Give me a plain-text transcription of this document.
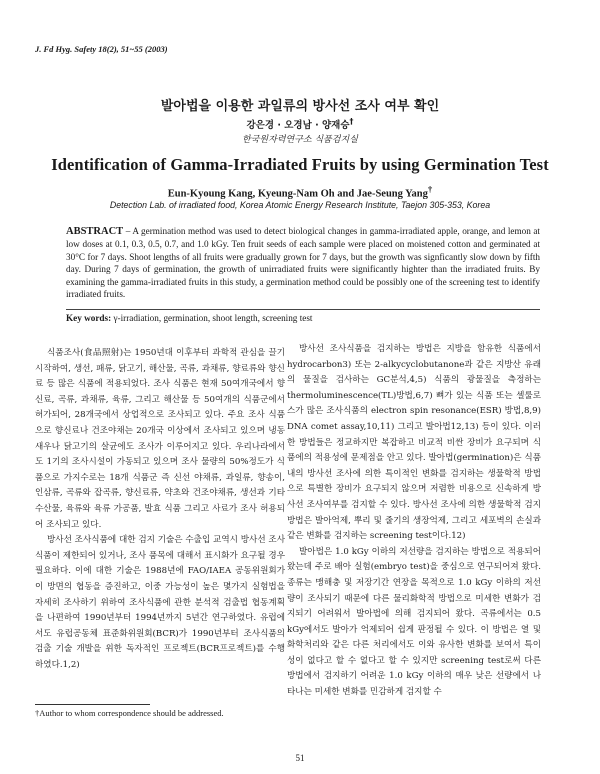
J. Fd Hyg. Safety 18(2), 51~55 (2003)
발아법을 이용한 과일류의 방사선 조사 여부 확인
강은경 · 오경남 · 양재승†
한국원자력연구소 식품검지실
Identification of Gamma-Irradiated Fruits by using Germination Test
Eun-Kyoung Kang, Kyeung-Nam Oh and Jae-Seung Yang†
Detection Lab. of irradiated food, Korea Atomic Energy Research Institute, Taejon 305-353, Korea
ABSTRACT – A germination method was used to detect biological changes in gamma-irradiated apple, orange, and lemon at low doses at 0.1, 0.3, 0.5, 0.7, and 1.0 kGy. Ten fruit seeds of each sample were placed on moistened cotton and germinated at 30°C for 7 days. Shoot lengths of all fruits were gradually grown for 7 days, but the growth was signficantly slow down by fifth day. During 7 days of germination, the growth of unirradiated fruits were significantly highter than the irradiated fruits. By examining the gamma-irradiated fruits in this study, a germination method could be possibly one of the screening test to identify irradiated fruits.
Key words: γ-irradiation, germination, shoot length, screening test

식품조사(食品照射)는 1950년대 이후부터 과학적 관심을 끌기 시작하여, 생선, 패류, 닭고기, 해산물, 곡류, 과채류, 향료류와 향신료 등 많은 식품에 적용되었다. 조사 식품은 현재 50여개국에서 향신료, 곡류, 과채류, 육류, 그리고 해산물 등 50여개의 식품군에서 허가되어, 28개국에서 상업적으로 조사되고 있다. 주요 조사 식품으로 향신료나 건조야채는 20개국 이상에서 조사되고 있으며 냉동새우나 닭고기의 살균에도 조사가 이루어지고 있다. 우리나라에서도 1기의 조사시설이 가동되고 있으며 조사 물량의 50%정도가 식품으로 가지수로는 18개 식품군 즉 신선 야채류, 과일류, 향송이, 인삼류, 곡류와 잡곡류, 향신료류, 약초와 건조야채류, 생선과 기타 수산물, 육류와 육류 가공품, 발효 식품 그리고 사료가 조사 허용되어 조사되고 있다.

방사선 조사식품에 대한 검지 기술은 수출입 교역시 방사선 조사식품이 제한되어 있거나, 조사 품목에 대해서 표시화가 요구될 경우 필요하다. 이에 대한 기술은 1988년에 FAO/IAEA 공동위원회가 이 방면의 협동을 증진하고, 이중 가능성이 높은 몇가지 실험법을 자세히 조사하기 위하여 조사식품에 관한 분석적 검출법 협동계획을 나편하여 1990년부터 1994년까지 5년간 연구하였다. 유럽에서도 유럽공동체 표준화위원회(BCR)가 1990년부터 조사식품의 검출 기술 개발을 위한 독자적인 프로젝트(BCR프로젝트)를 수행하였다.1,2)

방사선 조사식품을 검지하는 방법은 지방을 함유한 식품에서 hydrocarbon3) 또는 2-alkycyclobutanone과 같은 지방산 유래의 물질을 검사하는 GC분석,4,5) 식품의 광물질을 측정하는 thermoluminescence(TL)방법,6,7) 뼈가 있는 식품 또는 셀룰로스가 많은 조사식품의 electron spin resonance(ESR) 방법,8,9) DNA comet assay,10,11) 그리고 발아법12,13) 등이 있다. 이러한 방법들은 정교하지만 복잡하고 비교적 비싼 장비가 요구되며 식품에의 적용성에 문제점을 안고 있다. 발아법(germination)은 식품내의 방사선 조사에 의한 특이적인 변화를 검지하는 생물학적 방법으로 특별한 장비가 요구되지 않으며 저렴한 비용으로 신속하게 방사선 조사여부를 검지할 수 있다. 방사선 조사에 의한 생물학적 검지방법은 발아억제, 뿌리 및 줄기의 생장억제, 그리고 세포벽의 손실과 같은 변화를 검지하는 screening test이다.12)

발아법은 1.0 kGy 이하의 저선량을 검지하는 방법으로 적용되어 왔는데 주로 배아 실험(embryo test)을 중심으로 연구되어져 왔다. 종류는 맹해충 및 저장기간 연장을 목적으로 1.0 kGy 이하의 저선량이 조사되기 때문에 다른 물리화학적 방법으로 미세한 변화가 검지되기 어려워서 발아법에 의해 검지되어 왔다. 곡류에서는 0.5 kGy에서도 발아가 억제되어 쉽게 판정될 수 있다. 이 방법은 열 및 화학처리와 같은 다른 처리에서도 이와 유사한 변화를 보여서 특이성이 없다고 할 수 없다고 할 수 있지만 screening test로써 다른 방법에서 검지하기 어려운 1.0 kGy 이하의 매우 낮은 선량에서 나타나는 미세한 변화를 민감하게 검지할 수

†Author to whom correspondence should be addressed.
51
